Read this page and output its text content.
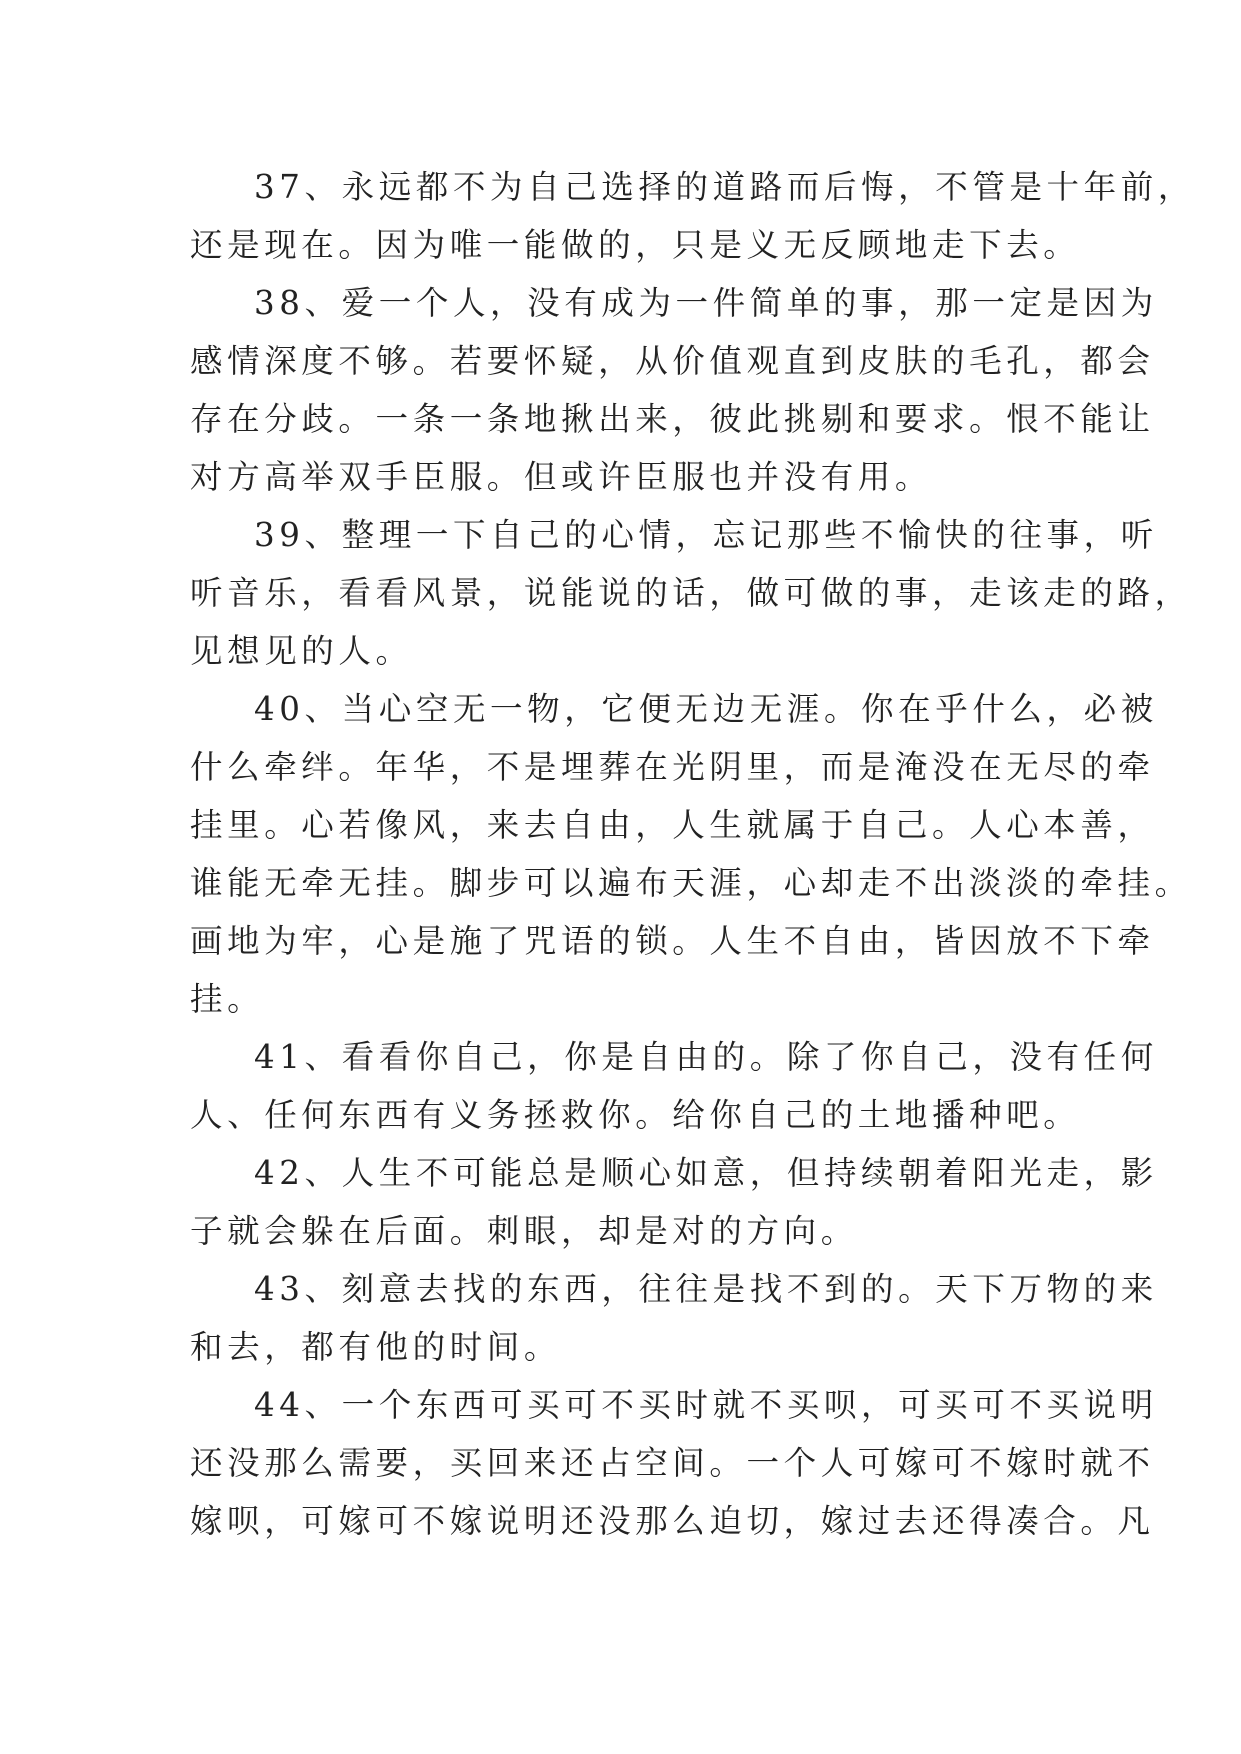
37、永远都不为自己选择的道路而后悔，不管是十年前，
还是现在。因为唯一能做的，只是义无反顾地走下去。
38、爱一个人，没有成为一件简单的事，那一定是因为
感情深度不够。若要怀疑，从价值观直到皮肤的毛孔，都会
存在分歧。一条一条地揪出来，彼此挑剔和要求。恨不能让
对方高举双手臣服。但或许臣服也并没有用。
39、整理一下自己的心情，忘记那些不愉快的往事，听
听音乐，看看风景，说能说的话，做可做的事，走该走的路，
见想见的人。
40、当心空无一物，它便无边无涯。你在乎什么，必被
什么牵绊。年华，不是埋葬在光阴里，而是淹没在无尽的牵
挂里。心若像风，来去自由，人生就属于自己。人心本善，
谁能无牵无挂。脚步可以遍布天涯，心却走不出淡淡的牵挂。
画地为牢，心是施了咒语的锁。人生不自由，皆因放不下牵
挂。
41、看看你自己，你是自由的。除了你自己，没有任何
人、任何东西有义务拯救你。给你自己的土地播种吧。
42、人生不可能总是顺心如意，但持续朝着阳光走，影
子就会躲在后面。刺眼，却是对的方向。
43、刻意去找的东西，往往是找不到的。天下万物的来
和去，都有他的时间。
44、一个东西可买可不买时就不买呗，可买可不买说明
还没那么需要，买回来还占空间。一个人可嫁可不嫁时就不
嫁呗，可嫁可不嫁说明还没那么迫切，嫁过去还得凑合。凡
